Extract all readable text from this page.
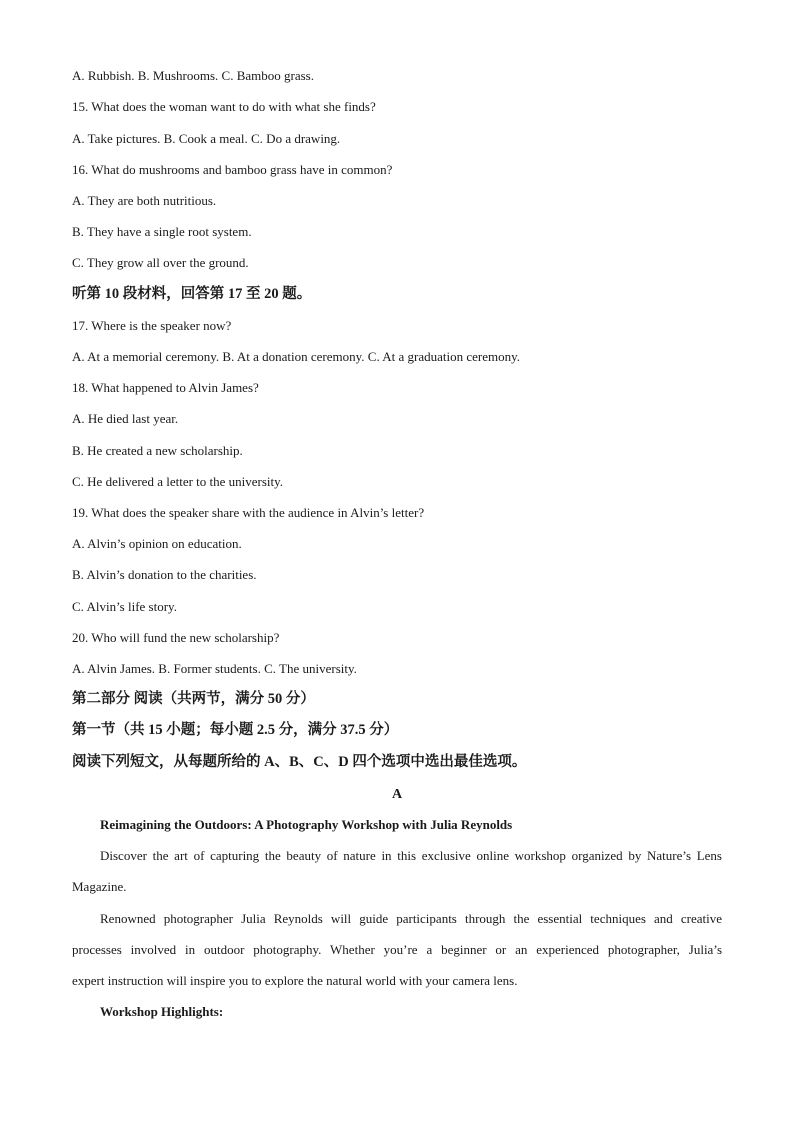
A. Rubbish. B. Mushrooms. C. Bamboo grass.
15. What does the woman want to do with what she finds?
A. Take pictures. B. Cook a meal. C. Do a drawing.
16. What do mushrooms and bamboo grass have in common?
A. They are both nutritious.
B. They have a single root system.
C. They grow all over the ground.
听第 10 段材料，回答第 17 至 20 题。
17. Where is the speaker now?
A. At a memorial ceremony. B. At a donation ceremony. C. At a graduation ceremony.
18. What happened to Alvin James?
A. He died last year.
B. He created a new scholarship.
C. He delivered a letter to the university.
19. What does the speaker share with the audience in Alvin’s letter?
A. Alvin’s opinion on education.
B. Alvin’s donation to the charities.
C. Alvin’s life story.
20. Who will fund the new scholarship?
A. Alvin James. B. Former students. C. The university.
第二部分 阅读（共两节，满分 50 分）
第一节（共 15 小题；每小题 2.5 分，满分 37.5 分）
阅读下列短文，从每题所给的 A、B、C、D 四个选项中选出最佳选项。
A
Reimagining the Outdoors: A Photography Workshop with Julia Reynolds
Discover the art of capturing the beauty of nature in this exclusive online workshop organized by Nature’s Lens
Magazine.
Renowned photographer Julia Reynolds will guide participants through the essential techniques and creative
processes involved in outdoor photography. Whether you’re a beginner or an experienced photographer, Julia’s
expert instruction will inspire you to explore the natural world with your camera lens.
Workshop Highlights:
